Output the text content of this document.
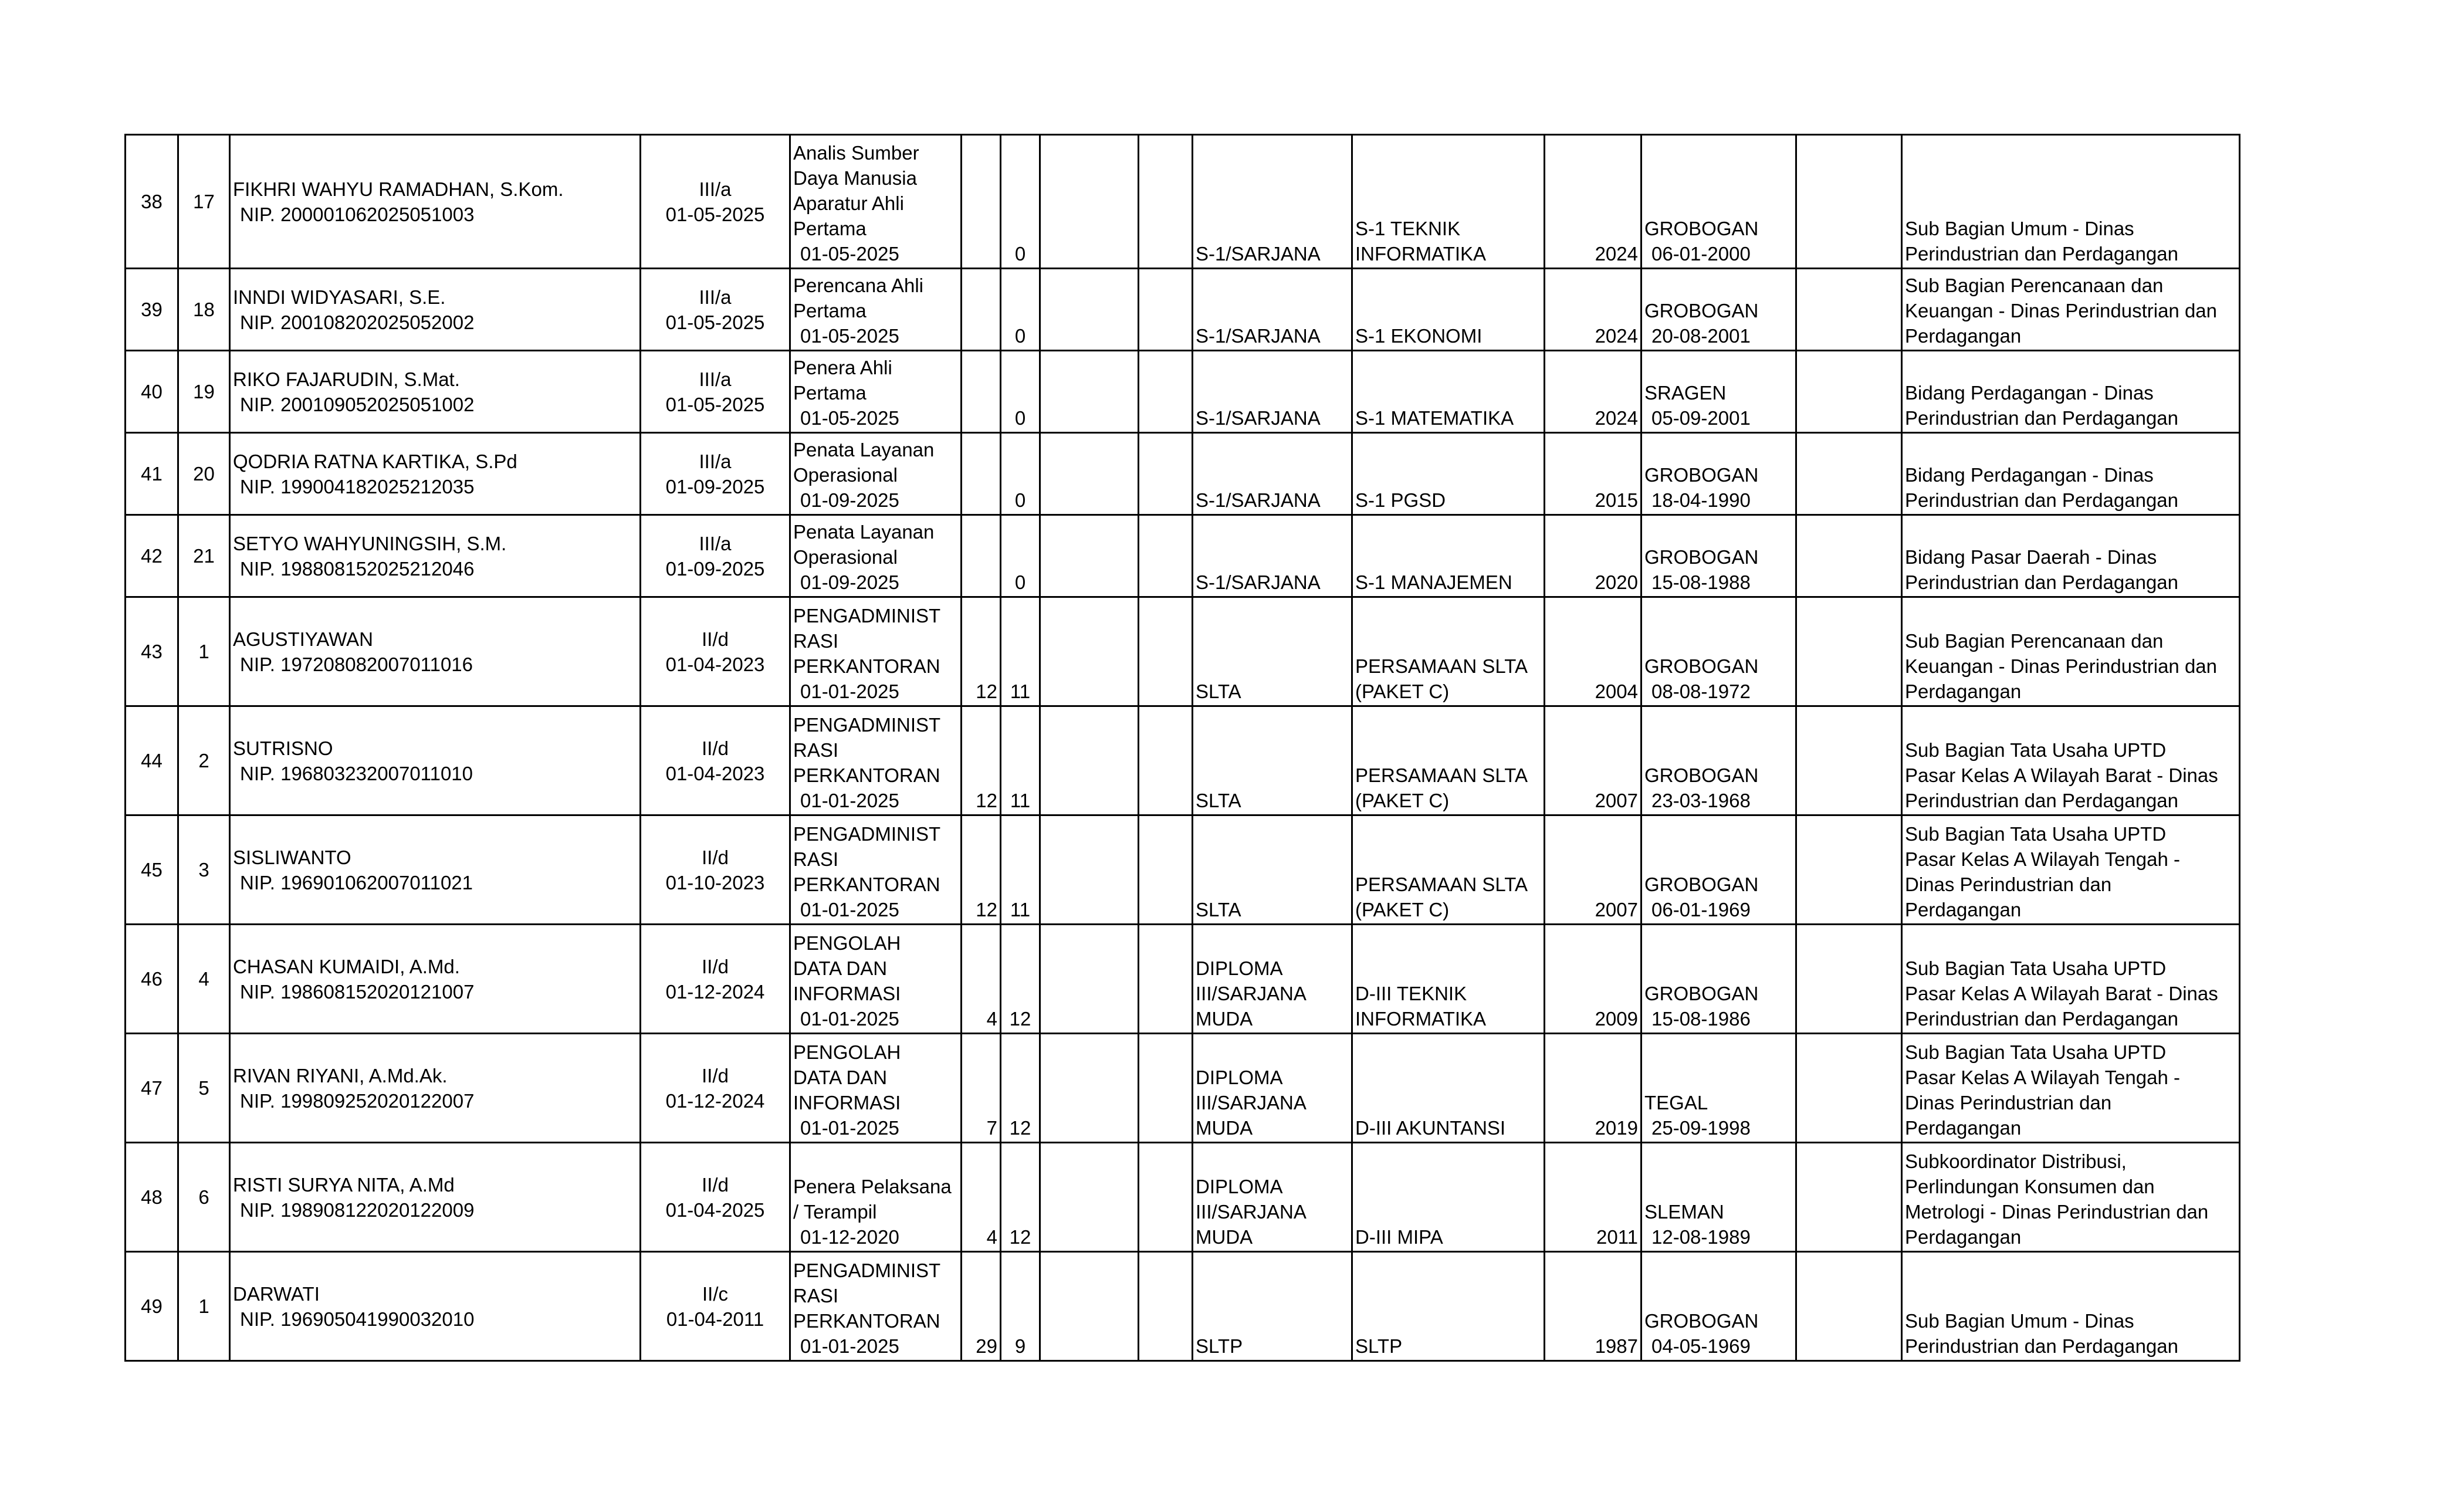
38	17	FIKHRI WAHYU RAMADHAN, S.Kom.
NIP. 200001062025051003	III/a
01-05-2025	Analis Sumber
Daya Manusia
Aparatur Ahli
Pertama
01-05-2025		0			S-1/SARJANA	S-1 TEKNIK
INFORMATIKA	2024	GROBOGAN
06-01-2000		Sub Bagian Umum - Dinas
Perindustrian dan Perdagangan

39	18	INNDI WIDYASARI, S.E.
NIP. 200108202025052002	III/a
01-05-2025	Perencana Ahli
Pertama
01-05-2025		0			S-1/SARJANA	S-1 EKONOMI	2024	GROBOGAN
20-08-2001		Sub Bagian Perencanaan dan
Keuangan - Dinas Perindustrian dan
Perdagangan

40	19	RIKO FAJARUDIN, S.Mat.
NIP. 200109052025051002	III/a
01-05-2025	Penera Ahli
Pertama
01-05-2025		0			S-1/SARJANA	S-1 MATEMATIKA	2024	SRAGEN
05-09-2001		Bidang Perdagangan - Dinas
Perindustrian dan Perdagangan

41	20	QODRIA RATNA KARTIKA, S.Pd
NIP. 199004182025212035	III/a
01-09-2025	Penata Layanan
Operasional
01-09-2025		0			S-1/SARJANA	S-1 PGSD	2015	GROBOGAN
18-04-1990		Bidang Perdagangan - Dinas
Perindustrian dan Perdagangan

42	21	SETYO WAHYUNINGSIH, S.M.
NIP. 198808152025212046	III/a
01-09-2025	Penata Layanan
Operasional
01-09-2025		0			S-1/SARJANA	S-1 MANAJEMEN	2020	GROBOGAN
15-08-1988		Bidang Pasar Daerah - Dinas
Perindustrian dan Perdagangan

43	1	AGUSTIYAWAN
NIP. 197208082007011016	II/d
01-04-2023	PENGADMINIST
RASI
PERKANTORAN
01-01-2025	12	11			SLTA	PERSAMAAN SLTA
(PAKET C)	2004	GROBOGAN
08-08-1972		Sub Bagian Perencanaan dan
Keuangan - Dinas Perindustrian dan
Perdagangan

44	2	SUTRISNO
NIP. 196803232007011010	II/d
01-04-2023	PENGADMINIST
RASI
PERKANTORAN
01-01-2025	12	11			SLTA	PERSAMAAN SLTA
(PAKET C)	2007	GROBOGAN
23-03-1968		Sub Bagian Tata Usaha UPTD
Pasar Kelas A Wilayah Barat - Dinas
Perindustrian dan Perdagangan

45	3	SISLIWANTO
NIP. 196901062007011021	II/d
01-10-2023	PENGADMINIST
RASI
PERKANTORAN
01-01-2025	12	11			SLTA	PERSAMAAN SLTA
(PAKET C)	2007	GROBOGAN
06-01-1969		Sub Bagian Tata Usaha UPTD
Pasar Kelas A Wilayah Tengah -
Dinas Perindustrian dan
Perdagangan

46	4	CHASAN KUMAIDI, A.Md.
NIP. 198608152020121007	II/d
01-12-2024	PENGOLAH
DATA DAN
INFORMASI
01-01-2025	4	12			DIPLOMA
III/SARJANA
MUDA	D-III TEKNIK
INFORMATIKA	2009	GROBOGAN
15-08-1986		Sub Bagian Tata Usaha UPTD
Pasar Kelas A Wilayah Barat - Dinas
Perindustrian dan Perdagangan

47	5	RIVAN RIYANI, A.Md.Ak.
NIP. 199809252020122007	II/d
01-12-2024	PENGOLAH
DATA DAN
INFORMASI
01-01-2025	7	12			DIPLOMA
III/SARJANA
MUDA	D-III AKUNTANSI	2019	TEGAL
25-09-1998		Sub Bagian Tata Usaha UPTD
Pasar Kelas A Wilayah Tengah -
Dinas Perindustrian dan
Perdagangan

48	6	RISTI SURYA NITA, A.Md
NIP. 198908122020122009	II/d
01-04-2025	Penera Pelaksana
/ Terampil
01-12-2020	4	12			DIPLOMA
III/SARJANA
MUDA	D-III MIPA	2011	SLEMAN
12-08-1989		Subkoordinator Distribusi,
Perlindungan Konsumen dan
Metrologi - Dinas Perindustrian dan
Perdagangan

49	1	DARWATI
NIP. 196905041990032010	II/c
01-04-2011	PENGADMINIST
RASI
PERKANTORAN
01-01-2025	29	9			SLTP	SLTP	1987	GROBOGAN
04-05-1969		Sub Bagian Umum - Dinas
Perindustrian dan Perdagangan
